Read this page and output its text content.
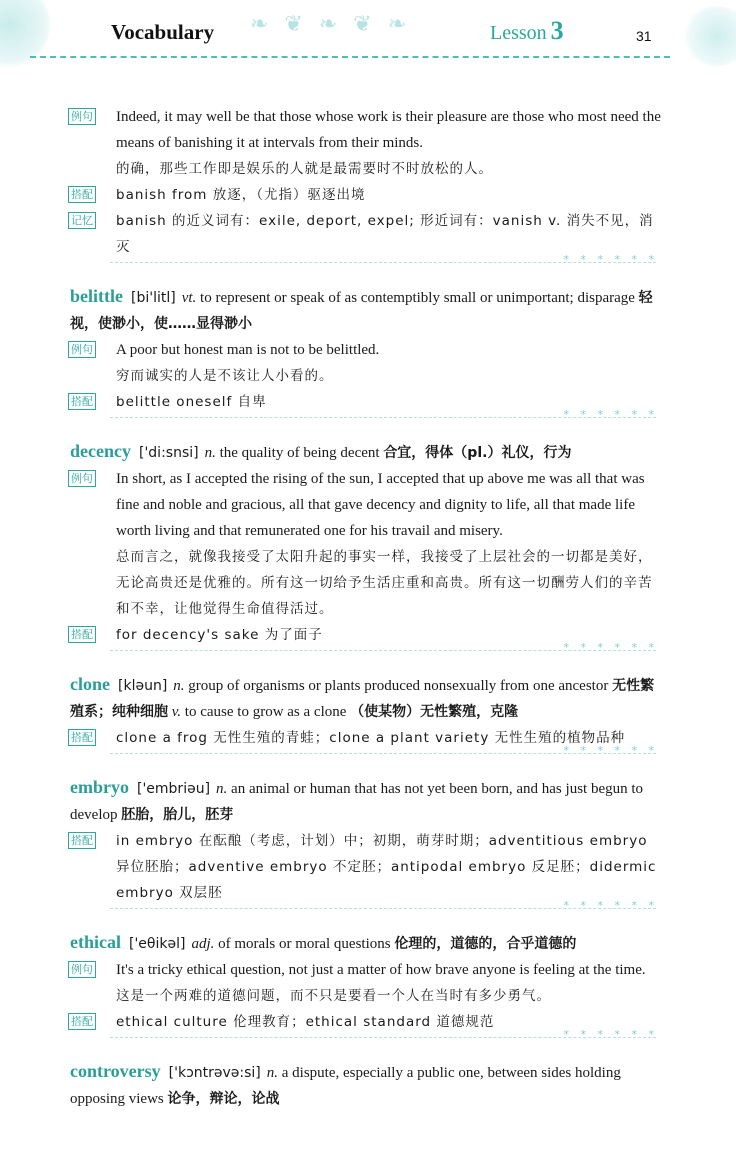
❧❦❧❦❧
Vocabulary	Lesson 3	31
例句 Indeed, it may well be that those whose work is their pleasure are those who most need the means of banishing it at intervals from their minds.
的确，那些工作即是娱乐的人就是最需要时不时放松的人。
搭配 banish from 放逐，（尤指）驱逐出境
记忆 banish 的近义词有：exile, deport, expel; 形近词有：vanish v. 消失不见，消灭
* * * * * *
belittle [bi'litl] vt. to represent or speak of as contemptibly small or unimportant; disparage 轻视，使渺小，使……显得渺小
例句 A poor but honest man is not to be belittled.
穷而诚实的人是不该让人小看的。
搭配 belittle oneself 自卑
* * * * * *
decency ['di:snsi] n. the quality of being decent 合宜，得体（pl.）礼仪，行为
例句 In short, as I accepted the rising of the sun, I accepted that up above me was all that was fine and noble and gracious, all that gave decency and dignity to life, all that made life worth living and that remunerated one for his travail and misery.
总而言之，就像我接受了太阳升起的事实一样，我接受了上层社会的一切都是美好，无论高贵还是优雅的。所有这一切给予生活庄重和高贵。所有这一切酬劳人们的辛苦和不幸，让他觉得生命值得活过。
搭配 for decency's sake 为了面子
* * * * * *
clone [kləun] n. group of organisms or plants produced nonsexually from one ancestor 无性繁殖系；纯种细胞 v. to cause to grow as a clone （使某物）无性繁殖，克隆
搭配 clone a frog 无性生殖的青蛙；clone a plant variety 无性生殖的植物品种
* * * * * *
embryo ['embriəu] n. an animal or human that has not yet been born, and has just begun to develop 胚胎，胎儿，胚芽
搭配 in embryo 在酝酿（考虑，计划）中；初期，萌芽时期；adventitious embryo 异位胚胎；adventive embryo 不定胚；antipodal embryo 反足胚；didermic embryo 双层胚
* * * * * *
ethical ['eθikəl] adj. of morals or moral questions 伦理的，道德的，合乎道德的
例句 It's a tricky ethical question, not just a matter of how brave anyone is feeling at the time.
这是一个两难的道德问题，而不只是要看一个人在当时有多少勇气。
搭配 ethical culture 伦理教育；ethical standard 道德规范
* * * * * *
controversy ['kɔntrəvə:si] n. a dispute, especially a public one, between sides holding opposing views 论争，辩论，论战
